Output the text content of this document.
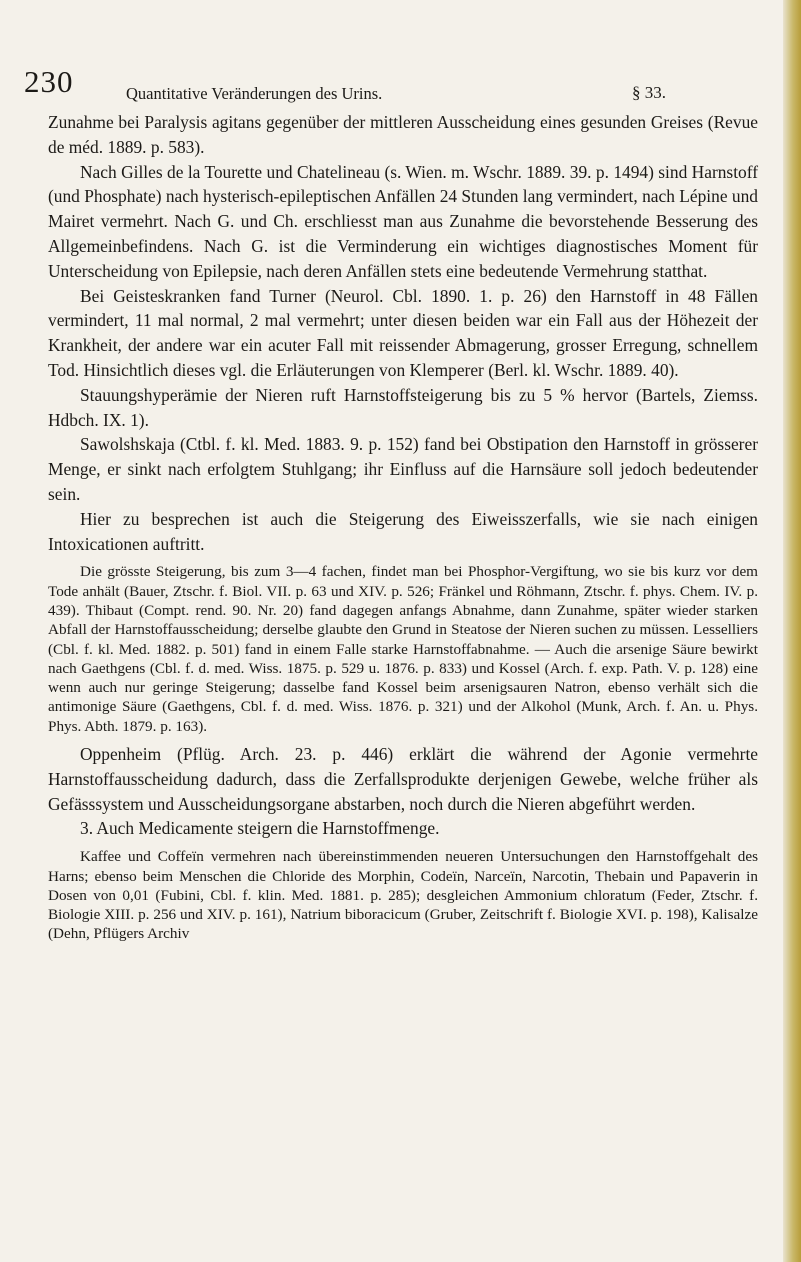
230	Quantitative Veränderungen des Urins.	§ 33.

Zunahme bei Paralysis agitans gegenüber der mittleren Ausscheidung eines gesunden Greises (Revue de méd. 1889. p. 583).

Nach Gilles de la Tourette und Chatelineau (s. Wien. m. Wschr. 1889. 39. p. 1494) sind Harnstoff (und Phosphate) nach hysterisch-epileptischen Anfällen 24 Stunden lang vermindert, nach Lépine und Mairet vermehrt. Nach G. und Ch. erschliesst man aus Zunahme die bevorstehende Besserung des Allgemeinbefindens. Nach G. ist die Verminderung ein wichtiges diagnostisches Moment für Unterscheidung von Epilepsie, nach deren Anfällen stets eine bedeutende Vermehrung statthat.

Bei Geisteskranken fand Turner (Neurol. Cbl. 1890. 1. p. 26) den Harnstoff in 48 Fällen vermindert, 11 mal normal, 2 mal vermehrt; unter diesen beiden war ein Fall aus der Höhezeit der Krankheit, der andere war ein acuter Fall mit reissender Abmagerung, grosser Erregung, schnellem Tod. Hinsichtlich dieses vgl. die Erläuterungen von Klemperer (Berl. kl. Wschr. 1889. 40).

Stauungshyperämie der Nieren ruft Harnstoffsteigerung bis zu 5 % hervor (Bartels, Ziemss. Hdbch. IX. 1).

Sawolshskaja (Ctbl. f. kl. Med. 1883. 9. p. 152) fand bei Obstipation den Harnstoff in grösserer Menge, er sinkt nach erfolgtem Stuhlgang; ihr Einfluss auf die Harnsäure soll jedoch bedeutender sein.

Hier zu besprechen ist auch die Steigerung des Eiweisszerfalls, wie sie nach einigen Intoxicationen auftritt.

Die grösste Steigerung, bis zum 3—4 fachen, findet man bei Phosphor-Vergiftung, wo sie bis kurz vor dem Tode anhält (Bauer, Ztschr. f. Biol. VII. p. 63 und XIV. p. 526; Fränkel und Röhmann, Ztschr. f. phys. Chem. IV. p. 439). Thibaut (Compt. rend. 90. Nr. 20) fand dagegen anfangs Abnahme, dann Zunahme, später wieder starken Abfall der Harnstoffausscheidung; derselbe glaubte den Grund in Steatose der Nieren suchen zu müssen. Lesselliers (Cbl. f. kl. Med. 1882. p. 501) fand in einem Falle starke Harnstoffabnahme. — Auch die arsenige Säure bewirkt nach Gaethgens (Cbl. f. d. med. Wiss. 1875. p. 529 u. 1876. p. 833) und Kossel (Arch. f. exp. Path. V. p. 128) eine wenn auch nur geringe Steigerung; dasselbe fand Kossel beim arsenigsauren Natron, ebenso verhält sich die antimonige Säure (Gaethgens, Cbl. f. d. med. Wiss. 1876. p. 321) und der Alkohol (Munk, Arch. f. An. u. Phys. Phys. Abth. 1879. p. 163).

Oppenheim (Pflüg. Arch. 23. p. 446) erklärt die während der Agonie vermehrte Harnstoffausscheidung dadurch, dass die Zerfallsprodukte derjenigen Gewebe, welche früher als Gefässsystem und Ausscheidungsorgane abstarben, noch durch die Nieren abgeführt werden.

3. Auch Medicamente steigern die Harnstoffmenge.

Kaffee und Coffeïn vermehren nach übereinstimmenden neueren Untersuchungen den Harnstoffgehalt des Harns; ebenso beim Menschen die Chloride des Morphin, Codeïn, Narceïn, Narcotin, Thebain und Papaverin in Dosen von 0,01 (Fubini, Cbl. f. klin. Med. 1881. p. 285); desgleichen Ammonium chloratum (Feder, Ztschr. f. Biologie XIII. p. 256 und XIV. p. 161), Natrium biboracicum (Gruber, Zeitschrift f. Biologie XVI. p. 198), Kalisalze (Dehn, Pflügers Archiv
